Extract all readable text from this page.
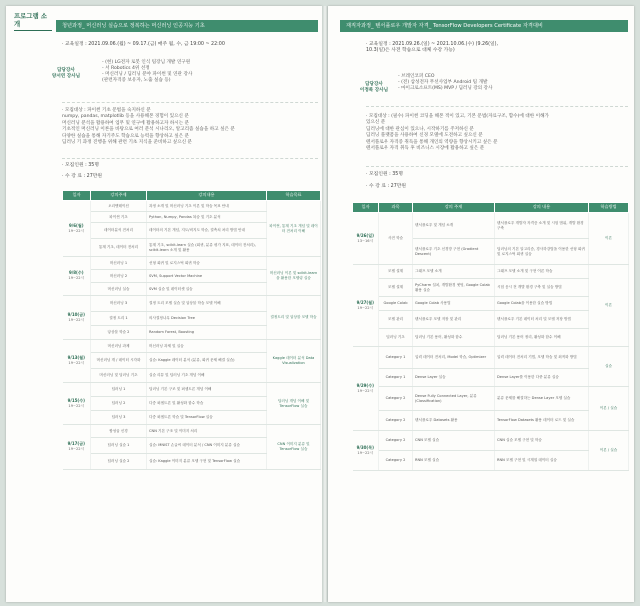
프로그램 소개	청년과정_ 머신러닝 실습으로 정복하는 머신러닝 인공지능 기초
· 교육일정 : 2021.09.06.(월) ~ 09.17.(금) 매주 월, 수, 금 19:00 ~ 22:00
담당강사
양서연 강사님
- (현) LG전자 로봇 인식 팀장님 개발 연구원
- 서 Robotics 4위 선정
- 머신러닝 / 딥러닝 분야 파이썬 및 연관 강사
(관련자격증 보유자, 노출 실습 등)
· 모집대상 : 파이썬 기초 문법을 숙지하신 분
numpy, pandas, matplotlib 등을 사용해본 경험이 있으신 분
머신러닝 분석을 활용하여 업무 및 연구에 활용하고자 하시는 분
기초적인 머신러닝 이론을 바탕으로 여러 분석 시나리오, 알고리즘 실습을 하고 싶은 분
다양한 실습을 통해 자기주도 학습으로 능력을 향상하고 싶은 분
딥러닝 기 과정 진행을 위해 관련 기초 지식을 준비하고 싶으신 분
· 모집인원 : 35명
· 수 강 료 : 27만원
일자	강의주제	강의내용	학습목표
9/6(월)
19~22시	오리엔테이션	과정 소개 및 머신러닝 기초 이론 및 학습 목표 안내	파이썬, 통계 기초 개념 및 데이터 전처리 이해
	파이썬 기초	Python, Numpy, Pandas 복습 및 기초 분석	
	데이터분석 전처리	데이터의 기본 개념, 지도/비지도 학습, 결측치 처리 방법 안내	
	통계 기초, 데이터 전처리	통계 기초, scikit-learn 실습 (회귀, 분류 평가 지표, 데이터 전처리), scikit-learn 소개 및 활용	
9/8(수)
19~22시	머신러닝 1	선형 회귀 및 로지스틱 회귀 학습	머신러닝 이론 및 scikit-learn을 활용한 모델링 실습
	머신러닝 2	SVM, Support Vector Machine	
	머신러닝 실습	SVM 실습 및 데이터셋 실습	
9/10(금)
19~22시	머신러닝 3	결정 트리 모델 실습 및 앙상블 학습 모델 이해	결정트리 및 앙상블 모델 학습
	결정 트리 1	의사결정나무 Decision Tree	
	앙상블 학습 2	Random Forest, Boosting	
9/13(월)
19~22시	머신러닝 과제	머신러닝 과제 및 실습	Kaggle 데이터 분석 Data Visualization
	머신러닝 개 / 데이터 시각화	실습: Kaggle 데이터 분석 (분류, 회귀 문제 해결 실습)	
	머신러닝 및 딥러닝 기초	실습 리뷰 및 딥러닝 기초 개념 이해	
9/15(수)
19~22시	딥러닝 1	딥러닝 기본 구조 및 퍼셉트론 개념 이해	딥러닝 개념 이해 및 TensorFlow 실습
	딥러닝 2	다층 퍼셉트론 및 활성화 함수 학습	
	딥러닝 3	다층 퍼셉트론 학습 및 TensorFlow 실습	
9/17(금)
19~22시	합성곱 신경	CNN 기본 구조 및 이미지 처리	CNN 이미지 분류 및 TensorFlow 실습
	딥러닝 실습 1	실습: MNIST 손글씨 데이터 분석 / CNN 이미지 분류 실습	
	딥러닝 실습 2	실습: Kaggle 이미지 분류 모델 구현 및 TensorFlow 실습	
재직자과정_ 텐서플로우 개발자 자격_ TensorFlow Developers Certificate 자격대비
· 교육일정 : 2021.09.26.(일) ~ 2021.10.06.(수) (9.26(일),
10.3(일)은 사전 학습으로 대체 수강 가능)
담당강사
이정록 강사님
- 브레인코퍼 CEO
- (전) 삼성전자 무선사업부 Android 팀 개발
- 마이크로소프트(MS) MVP / 딥러닝 강의 강사
· 모집대상 : (필수) 파이썬 코딩을 해본 적이 있고, 기본 문법(자료구조, 함수)에 대한 이해가
있으신 분
딥러닝에 대한 관심이 있으나, 시작하기를 주저하신 분
딥러닝 플랫폼을 사용하여 신경 모델에 도전하고 싶으신 분
텐서플로우 자격증 취득을 통해 개인의 역량을 향상시키고 싶은 분
텐서플로우 자격 취득 후 비즈니스 시장에 활용하고 싶은 분
· 모집인원 : 35명
· 수 강 료 : 27만원
일자	과목	강의 주제	강의 내용	학습방법
9/26(일)
13~16시	사전 학습	텐서플로우 및 개념 소개	텐서플로우 개발자 자격증 소개 및 시험 범위, 개발 환경 구축	이론
		텐서플로우 기초 신경망 구현 (Gradient Descent)	딥러닝의 기본 알고리즘, 경사하강법을 이용한 선형 회귀 및 로지스틱 회귀 실습	
9/27(월)
19~22시	모델 설계	그래프 모델 소개	그래프 모델 소개 및 구현 이론 학습	이론
	모델 설계	PyCharm 설치, 개발환경 셋팅, Google Colab 활용 실습	시험 응시 전 개발 환경 구축 및 실습 방법	
	Google Colab	Google Colab 사용법	Google Colab을 이용한 실습 방법	
	모델 관리	텐서플로우 모델 저장 및 관리	텐서플로우 기본 데이터 처리 및 모델 저장 방법	
	딥러닝 기초	딥러닝 기본 용어, 활성화 함수	딥러닝 기본 용어 정리, 활성화 함수 이해	
9/29(수)
19~22시	Category 1	입력 데이터 전처리, Model 학습, Optimizer	입력 데이터 전처리 기법, 모델 학습 및 최적화 방법	실습
	Category 1	Dense Layer 실습	Dense Layer를 이용한 다중 분류 실습	
	Category 2	Dense Fully Connected Layer, 분류 (Classification)	분류 문제를 해결하는 Dense Layer 모델 실습	이론 / 실습
	Category 2	텐서플로우 Datasets 활용	TensorFlow Datasets 활용 데이터 로드 및 실습	
9/30(목)
19~22시	Category 2	CNN 모델 실습	CNN 실습 모델 구현 및 학습	이론 / 실습
	Category 2	RNN 모델 실습	RNN 모델 구현 및 시계열 데이터 실습	
